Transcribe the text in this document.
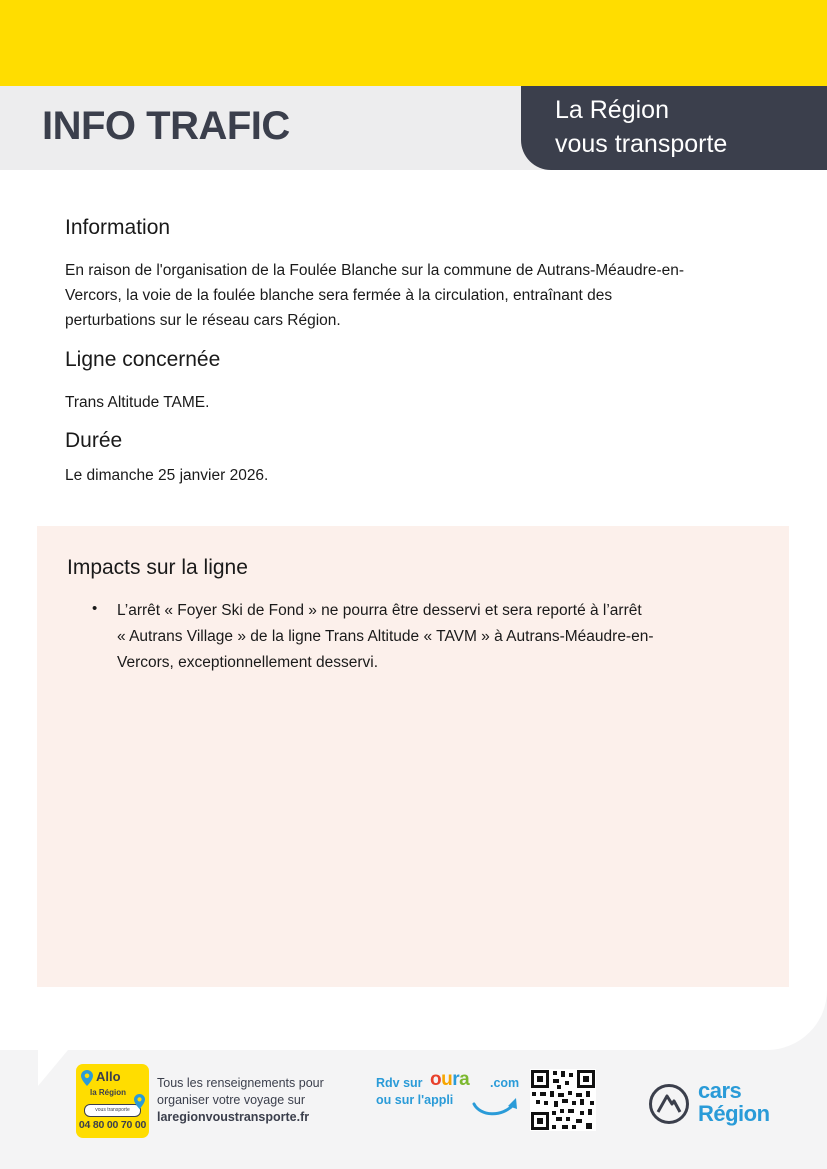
INFO TRAFIC	La Région
vous transporte
Information
En raison de l'organisation de la Foulée Blanche sur la commune de Autrans-Méaudre-en-
Vercors, la voie de la foulée blanche sera fermée à la circulation, entraînant des
perturbations sur le réseau cars Région.
Ligne concernée
Trans Altitude TAME.
Durée
Le dimanche 25 janvier 2026.
Impacts sur la ligne
• L’arrêt « Foyer Ski de Fond » ne pourra être desservi et sera reporté à l’arrêt
« Autrans Village » de la ligne Trans Altitude « TAVM » à Autrans-Méaudre-en-
Vercors, exceptionnellement desservi.
Allo
la Région
vous transporte
04 80 00 70 00
Tous les renseignements pour
organiser votre voyage sur
laregionvoustransporte.fr
Rdv sur oura .com
ou sur l'appli	cars
Région
